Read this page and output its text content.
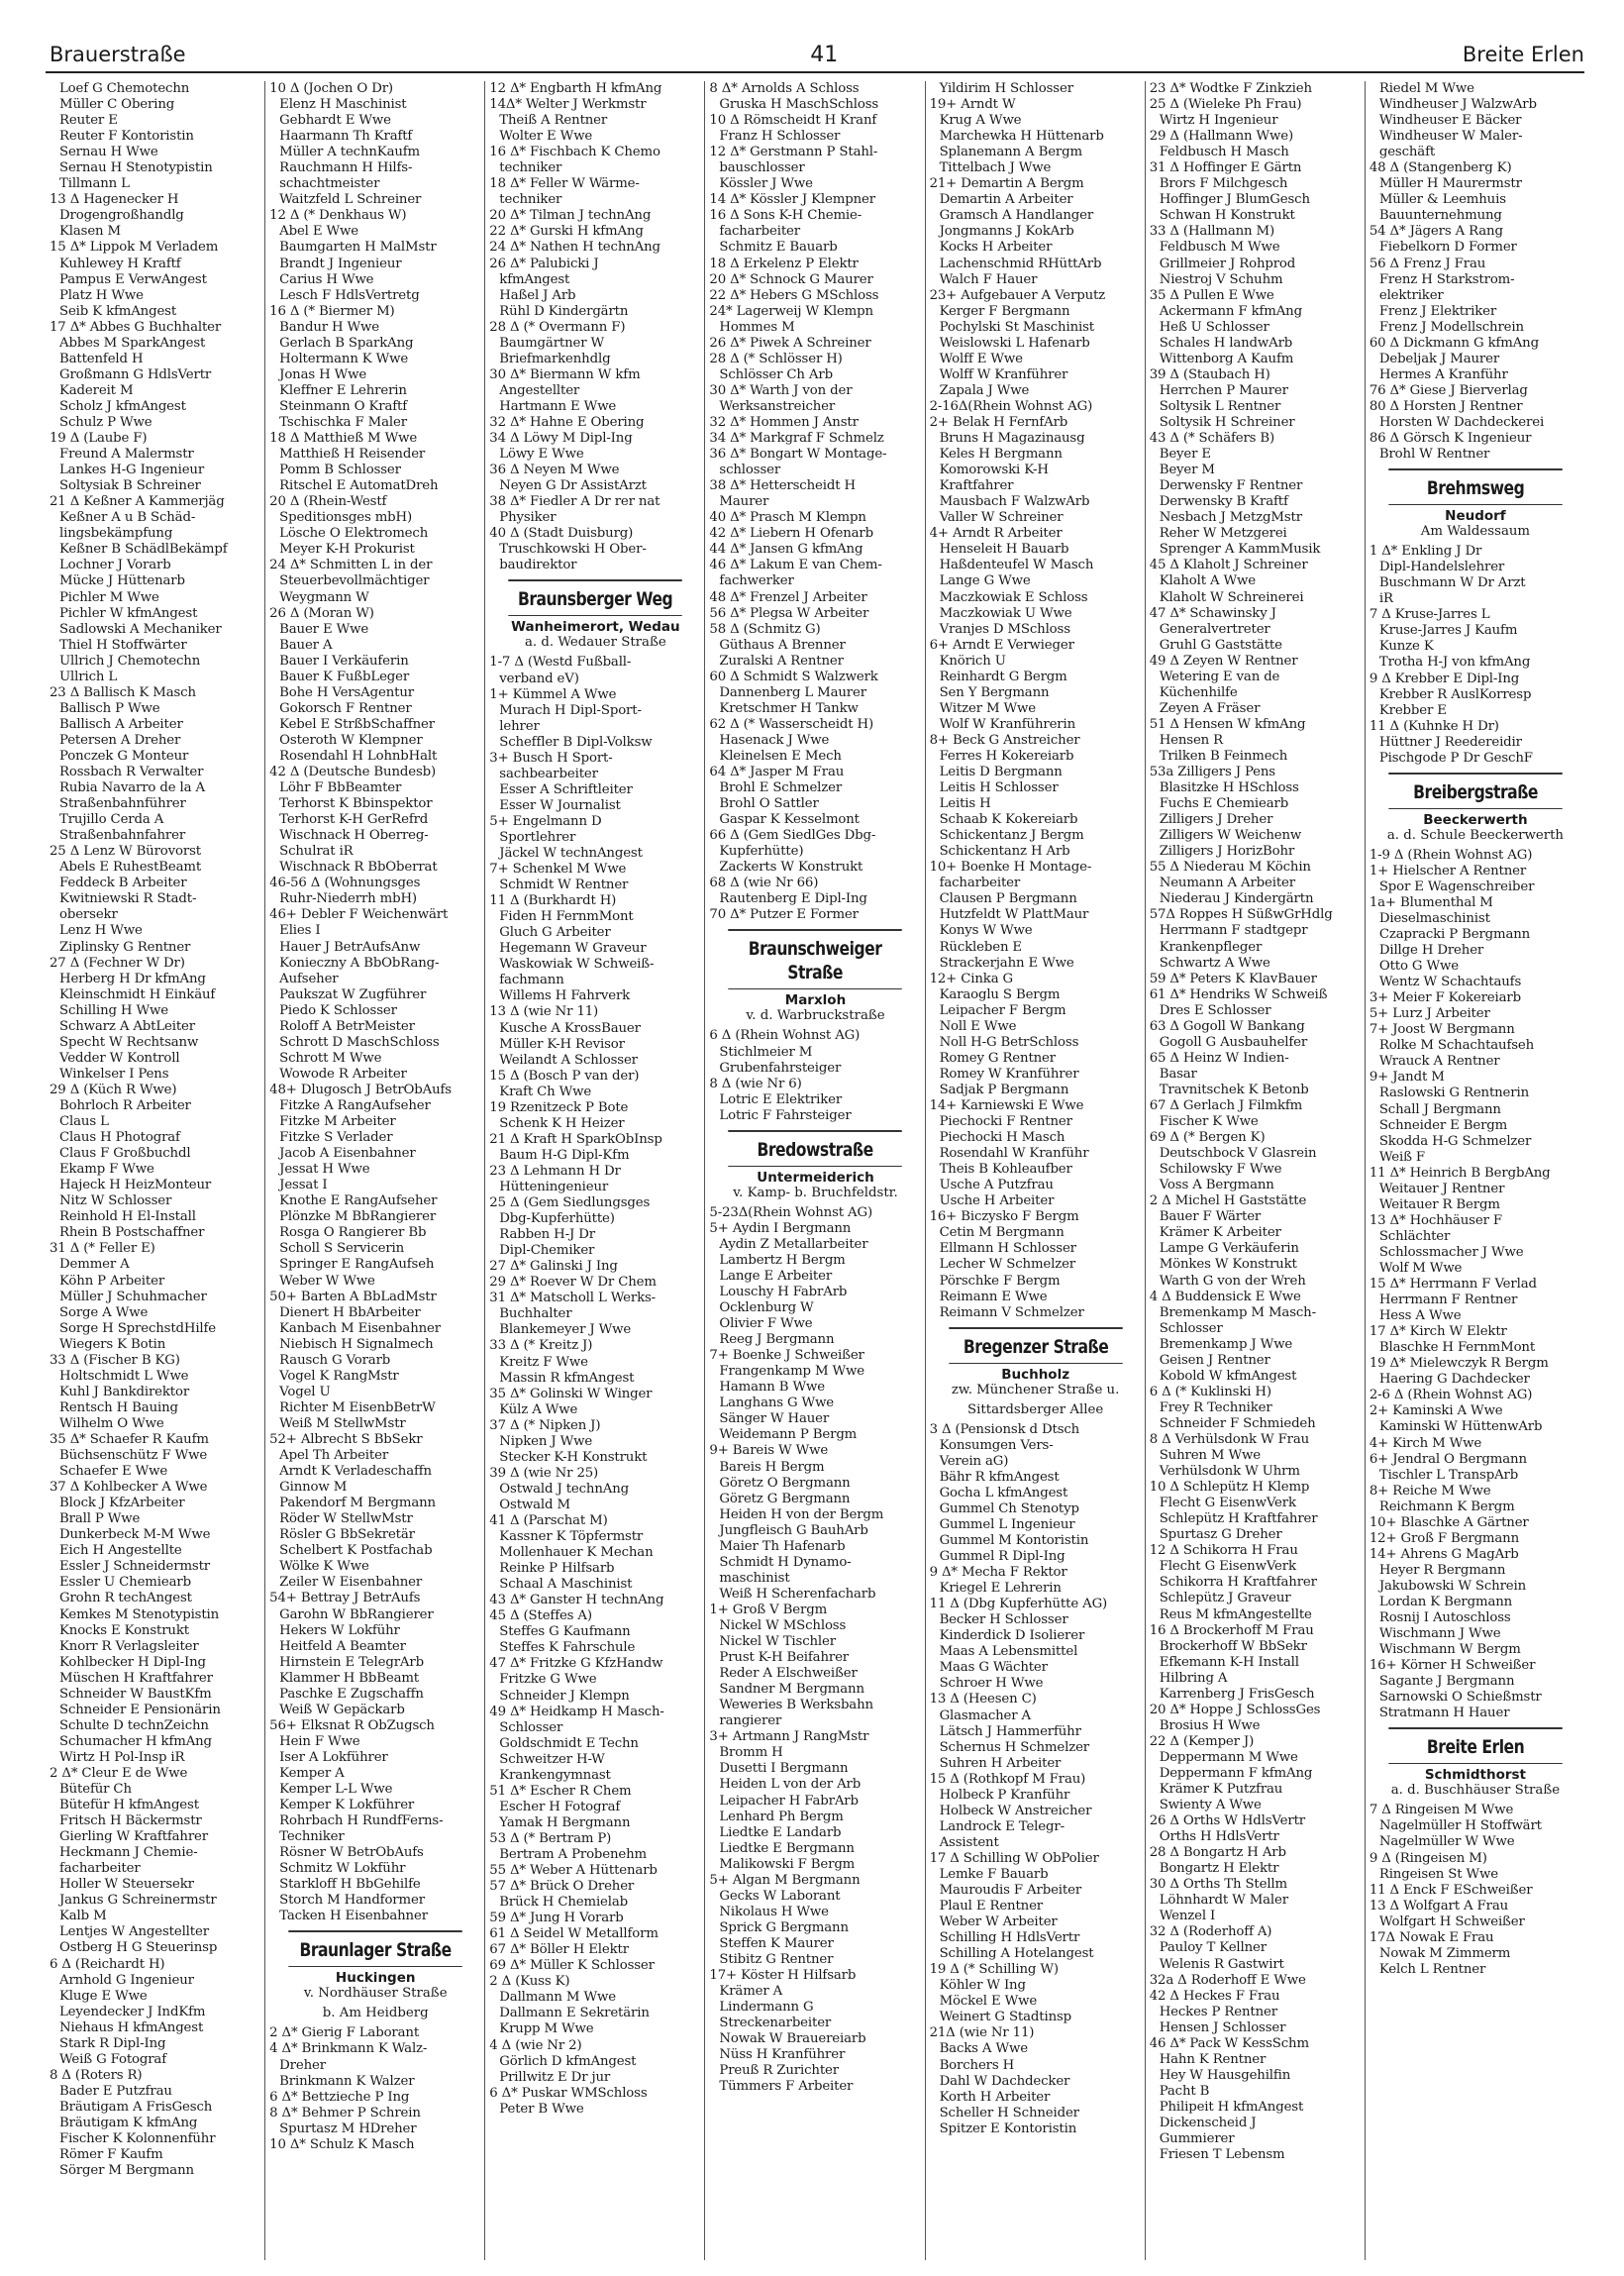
Brauerstraße	41	Breite Erlen
Loef G Chemotechn
Müller C Obering
Reuter E
Reuter F Kontoristin
Sernau H Wwe
Sernau H Stenotypistin
Tillmann L
13 Δ Hagenecker H
Drogengroßhandlg
Klasen M
15 Δ* Lippok M Verladem
Kuhlewey H Kraftf
Pampus E VerwAngest
Platz H Wwe
Seib K kfmAngest
17 Δ* Abbes G Buchhalter
Abbes M SparkAngest
Battenfeld H
Großmann G HdlsVertr
Kadereit M
Scholz J kfmAngest
Schulz P Wwe
19 Δ (Laube F)
Freund A Malermstr
Lankes H-G Ingenieur
Soltysiak B Schreiner
21 Δ Keßner A Kammerjäg
Keßner A u B Schäd-
lingsbekämpfung
Keßner B SchädlBekämpf
Lochner J Vorarb
Mücke J Hüttenarb
Pichler M Wwe
Pichler W kfmAngest
Sadlowski A Mechaniker
Thiel H Stoffwärter
Ullrich J Chemotechn
Ullrich L
23 Δ Ballisch K Masch
Ballisch P Wwe
Ballisch A Arbeiter
Petersen A Dreher
Ponczek G Monteur
Rossbach R Verwalter
Rubia Navarro de la A
Straßenbahnführer
Trujillo Cerda A
Straßenbahnfahrer
25 Δ Lenz W Bürovorst
Abels E RuhestBeamt
Feddeck B Arbeiter
Kwitniewski R Stadt-
obersekr
Lenz H Wwe
Ziplinsky G Rentner
27 Δ (Fechner W Dr)
Herberg H Dr kfmAng
Kleinschmidt H Einkäuf
Schilling H Wwe
Schwarz A AbtLeiter
Specht W Rechtsanw
Vedder W Kontroll
Winkelser I Pens
29 Δ (Küch R Wwe)
Bohrloch R Arbeiter
Claus L
Claus H Photograf
Claus F Großbuchdl
Ekamp F Wwe
Hajeck H HeizMonteur
Nitz W Schlosser
Reinhold H El-Install
Rhein B Postschaffner
31 Δ (* Feller E)
Demmer A
Köhn P Arbeiter
Müller J Schuhmacher
Sorge A Wwe
Sorge H SprechstdHilfe
Wiegers K Botin
33 Δ (Fischer B KG)
Holtschmidt L Wwe
Kuhl J Bankdirektor
Rentsch H Bauing
Wilhelm O Wwe
35 Δ* Schaefer R Kaufm
Büchsenschütz F Wwe
Schaefer E Wwe
37 Δ Kohlbecker A Wwe
Block J KfzArbeiter
Brall P Wwe
Dunkerbeck M-M Wwe
Eich H Angestellte
Essler J Schneidermstr
Essler U Chemiearb
Grohn R techAngest
Kemkes M Stenotypistin
Knocks E Konstrukt
Knorr R Verlagsleiter
Kohlbecker H Dipl-Ing
Müschen H Kraftfahrer
Schneider W BaustKfm
Schneider E Pensionärin
Schulte D technZeichn
Schumacher H kfmAng
Wirtz H Pol-Insp iR
2 Δ* Cleur E de Wwe
Bütefür Ch
Bütefür H kfmAngest
Fritsch H Bäckermstr
Gierling W Kraftfahrer
Heckmann J Chemie-
facharbeiter
Holler W Steuersekr
Jankus G Schreinermstr
Kalb M
Lentjes W Angestellter
Ostberg H G Steuerinsp
6 Δ (Reichardt H)
Arnhold G Ingenieur
Kluge E Wwe
Leyendecker J IndKfm
Niehaus H kfmAngest
Stark R Dipl-Ing
Weiß G Fotograf
8 Δ (Roters R)
Bader E Putzfrau
Bräutigam A FrisGesch
Bräutigam K kfmAng
Fischer K Kolonnenführ
Römer F Kaufm
Sörger M Bergmann
10 Δ (Jochen O Dr)
Elenz H Maschinist
Gebhardt E Wwe
Haarmann Th Kraftf
Müller A technKaufm
Rauchmann H Hilfs-
schachtmeister
Waitzfeld L Schreiner
12 Δ (* Denkhaus W)
Abel E Wwe
Baumgarten H MalMstr
Brandt J Ingenieur
Carius H Wwe
Lesch F HdlsVertretg
16 Δ (* Biermer M)
Bandur H Wwe
Gerlach B SparkAng
Holtermann K Wwe
Jonas H Wwe
Kleffner E Lehrerin
Steinmann O Kraftf
Tschischka F Maler
18 Δ Matthieß M Wwe
Matthieß H Reisender
Pomm B Schlosser
Ritschel E AutomatDreh
20 Δ (Rhein-Westf
Speditionsges mbH)
Lösche O Elektromech
Meyer K-H Prokurist
24 Δ* Schmitten L in der
Steuerbevollmächtiger
Weygmann W
26 Δ (Moran W)
Bauer E Wwe
Bauer A
Bauer I Verkäuferin
Bauer K FußbLeger
Bohe H VersAgentur
Gokorsch F Rentner
Kebel E StrßbSchaffner
Osteroth W Klempner
Rosendahl H LohnbHalt
42 Δ (Deutsche Bundesb)
Löhr F BbBeamter
Terhorst K Bbinspektor
Terhorst K-H GerRefrd
Wischnack H Oberreg-
Schulrat iR
Wischnack R BbOberrat
46-56 Δ (Wohnungsges
Ruhr-Niederrh mbH)
46+ Debler F Weichenwärt
Elies I
Hauer J BetrAufsAnw
Konieczny A BbObRang-
Aufseher
Paukszat W Zugführer
Piedo K Schlosser
Roloff A BetrMeister
Schrott D MaschSchloss
Schrott M Wwe
Wowode R Arbeiter
48+ Dlugosch J BetrObAufs
Fitzke A RangAufseher
Fitzke M Arbeiter
Fitzke S Verlader
Jacob A Eisenbahner
Jessat H Wwe
Jessat I
Knothe E RangAufseher
Plönzke M BbRangierer
Rosga O Rangierer Bb
Scholl S Servicerin
Springer E RangAufseh
Weber W Wwe
50+ Barten A BbLadMstr
Dienert H BbArbeiter
Kanbach M Eisenbahner
Niebisch H Signalmech
Rausch G Vorarb
Vogel K RangMstr
Vogel U
Richter M EisenbBetrW
Weiß M StellwMstr
52+ Albrecht S BbSekr
Apel Th Arbeiter
Arndt K Verladeschaffn
Ginnow M
Pakendorf M Bergmann
Röder W StellwMstr
Rösler G BbSekretär
Schelbert K Postfachab
Wölke K Wwe
Zeiler W Eisenbahner
54+ Bettray J BetrAufs
Garohn W BbRangierer
Hekers W Lokführ
Heitfeld A Beamter
Hirnstein E TelegrArb
Klammer H BbBeamt
Paschke E Zugschaffn
Weiß W Gepäckarb
56+ Elksnat R ObZugsch
Hein F Wwe
Iser A Lokführer
Kemper A
Kemper L-L Wwe
Kemper K Lokführer
Rohrbach H RundfFerns-
Techniker
Rösner W BetrObAufs
Schmitz W Lokführ
Starkloff H BbGehilfe
Storch M Handformer
Tacken H Eisenbahner
Braunlager Straße
Huckingen
v. Nordhäuser Straße
b. Am Heidberg
2 Δ* Gierig F Laborant
4 Δ* Brinkmann K Walz-
Dreher
Brinkmann K Walzer
6 Δ* Bettzieche P Ing
8 Δ* Behmer P Schrein
Spurtasz M HDreher
10 Δ* Schulz K Masch
12 Δ* Engbarth H kfmAng
14Δ* Welter J Werkmstr
Theiß A Rentner
Wolter E Wwe
16 Δ* Fischbach K Chemo
techniker
18 Δ* Feller W Wärme-
techniker
20 Δ* Tilman J technAng
22 Δ* Gurski H kfmAng
24 Δ* Nathen H technAng
26 Δ* Palubicki J
kfmAngest
Haßel J Arb
Rühl D Kindergärtn
28 Δ (* Overmann F)
Baumgärtner W
Briefmarkenhdlg
30 Δ* Biermann W kfm
Angestellter
Hartmann E Wwe
32 Δ* Hahne E Obering
34 Δ Löwy M Dipl-Ing
Löwy E Wwe
36 Δ Neyen M Wwe
Neyen G Dr AssistArzt
38 Δ* Fiedler A Dr rer nat
Physiker
40 Δ (Stadt Duisburg)
Truschkowski H Ober-
baudirektor
Braunsberger Weg
Wanheimerort, Wedau
a. d. Wedauer Straße
1-7 Δ (Westd Fußball-
verband eV)
1+ Kümmel A Wwe
Murach H Dipl-Sport-
lehrer
Scheffler B Dipl-Volksw
3+ Busch H Sport-
sachbearbeiter
Esser A Schriftleiter
Esser W Journalist
5+ Engelmann D
Sportlehrer
Jäckel W technAngest
7+ Schenkel M Wwe
Schmidt W Rentner
11 Δ (Burkhardt H)
Fiden H FernmMont
Gluch G Arbeiter
Hegemann W Graveur
Waskowiak W Schweiß-
fachmann
Willems H Fahrverk
13 Δ (wie Nr 11)
Kusche A KrossBauer
Müller K-H Revisor
Weilandt A Schlosser
15 Δ (Bosch P van der)
Kraft Ch Wwe
19 Rzenitzeck P Bote
Schenk K H Heizer
21 Δ Kraft H SparkObInsp
Baum H-G Dipl-Kfm
23 Δ Lehmann H Dr
Hütteningenieur
25 Δ (Gem Siedlungsges
Dbg-Kupferhütte)
Rabben H-J Dr
Dipl-Chemiker
27 Δ* Galinski J Ing
29 Δ* Roever W Dr Chem
31 Δ* Matscholl L Werks-
Buchhalter
Blankemeyer J Wwe
33 Δ (* Kreitz J)
Kreitz F Wwe
Massin R kfmAngest
35 Δ* Golinski W Winger
Külz A Wwe
37 Δ (* Nipken J)
Nipken J Wwe
Stecker K-H Konstrukt
39 Δ (wie Nr 25)
Ostwald J technAng
Ostwald M
41 Δ (Parschat M)
Kassner K Töpfermstr
Mollenhauer K Mechan
Reinke P Hilfsarb
Schaal A Maschinist
43 Δ* Ganster H technAng
45 Δ (Steffes A)
Steffes G Kaufmann
Steffes K Fahrschule
47 Δ* Fritzke G KfzHandw
Fritzke G Wwe
Schneider J Klempn
49 Δ* Heidkamp H Masch-
Schlosser
Goldschmidt E Techn
Schweitzer H-W
Krankengymnast
51 Δ* Escher R Chem
Escher H Fotograf
Yamak H Bergmann
53 Δ (* Bertram P)
Bertram A Probenehm
55 Δ* Weber A Hüttenarb
57 Δ* Brück O Dreher
Brück H Chemielab
59 Δ* Jung H Vorarb
61 Δ Seidel W Metallform
67 Δ* Böller H Elektr
69 Δ* Müller K Schlosser
2 Δ (Kuss K)
Dallmann M Wwe
Dallmann E Sekretärin
Krupp M Wwe
4 Δ (wie Nr 2)
Görlich D kfmAngest
Prillwitz E Dr jur
6 Δ* Puskar WMSchloss
Peter B Wwe
8 Δ* Arnolds A Schloss
Gruska H MaschSchloss
10 Δ Römscheidt H Kranf
Franz H Schlosser
12 Δ* Gerstmann P Stahl-
bauschlosser
Kössler J Wwe
14 Δ* Kössler J Klempner
16 Δ Sons K-H Chemie-
facharbeiter
Schmitz E Bauarb
18 Δ Erkelenz P Elektr
20 Δ* Schnock G Maurer
22 Δ* Hebers G MSchloss
24* Lagerweij W Klempn
Hommes M
26 Δ* Piwek A Schreiner
28 Δ (* Schlösser H)
Schlösser Ch Arb
30 Δ* Warth J von der
Werksanstreicher
32 Δ* Hommen J Anstr
34 Δ* Markgraf F Schmelz
36 Δ* Bongart W Montage-
schlosser
38 Δ* Hetterscheidt H
Maurer
40 Δ* Prasch M Klempn
42 Δ* Liebern H Ofenarb
44 Δ* Jansen G kfmAng
46 Δ* Lakum E van Chem-
fachwerker
48 Δ* Frenzel J Arbeiter
56 Δ* Plegsa W Arbeiter
58 Δ (Schmitz G)
Güthaus A Brenner
Zuralski A Rentner
60 Δ Schmidt S Walzwerk
Dannenberg L Maurer
Kretschmer H Tankw
62 Δ (* Wasserscheidt H)
Hasenack J Wwe
Kleinelsen E Mech
64 Δ* Jasper M Frau
Brohl E Schmelzer
Brohl O Sattler
Gaspar K Kesselmont
66 Δ (Gem SiedlGes Dbg-
Kupferhütte)
Zackerts W Konstrukt
68 Δ (wie Nr 66)
Rautenberg E Dipl-Ing
70 Δ* Putzer E Former
Braunschweiger Straße
Marxloh
v. d. Warbruckstraße
6 Δ (Rhein Wohnst AG)
Stichlmeier M
Grubenfahrsteiger
8 Δ (wie Nr 6)
Lotric E Elektriker
Lotric F Fahrsteiger
Bredowstraße
Untermeiderich
v. Kamp- b. Bruchfeldstr.
5-23Δ(Rhein Wohnst AG)
5+ Aydin I Bergmann
Aydin Z Metallarbeiter
Lambertz H Bergm
Lange E Arbeiter
Louschy H FabrArb
Ocklenburg W
Olivier F Wwe
Reeg J Bergmann
7+ Boenke J Schweißer
Frangenkamp M Wwe
Hamann B Wwe
Langhans G Wwe
Sänger W Hauer
Weidemann P Bergm
9+ Bareis W Wwe
Bareis H Bergm
Göretz O Bergmann
Göretz G Bergmann
Heiden H von der Bergm
Jungfleisch G BauhArb
Maier Th Hafenarb
Schmidt H Dynamo-
maschinist
Weiß H Scherenfacharb
1+ Groß V Bergm
Nickel W MSchloss
Nickel W Tischler
Prust K-H Beifahrer
Reder A Elschweißer
Sandner M Bergmann
Weweries B Werksbahn
rangierer
3+ Artmann J RangMstr
Bromm H
Dusetti I Bergmann
Heiden L von der Arb
Leipacher H FabrArb
Lenhard Ph Bergm
Liedtke E Landarb
Liedtke E Bergmann
Malikowski F Bergm
5+ Algan M Bergmann
Gecks W Laborant
Nikolaus H Wwe
Sprick G Bergmann
Steffen K Maurer
Stibitz G Rentner
17+ Köster H Hilfsarb
Krämer A
Lindermann G
Streckenarbeiter
Nowak W Brauereiarb
Nüss H Kranführer
Preuß R Zurichter
Tümmers F Arbeiter
Yildirim H Schlosser
19+ Arndt W
Krug A Wwe
Marchewka H Hüttenarb
Splanemann A Bergm
Tittelbach J Wwe
21+ Demartin A Bergm
Demartin A Arbeiter
Gramsch A Handlanger
Jongmanns J KokArb
Kocks H Arbeiter
Lachenschmid RHüttArb
Walch F Hauer
23+ Aufgebauer A Verputz
Kerger F Bergmann
Pochylski St Maschinist
Weislowski L Hafenarb
Wolff E Wwe
Wolff W Kranführer
Zapala J Wwe
2-16Δ(Rhein Wohnst AG)
2+ Belak H FernfArb
Bruns H Magazinausg
Keles H Bergmann
Komorowski K-H
Kraftfahrer
Mausbach F WalzwArb
Valler W Schreiner
4+ Arndt R Arbeiter
Henseleit H Bauarb
Haßdenteufel W Masch
Lange G Wwe
Maczkowiak E Schloss
Maczkowiak U Wwe
Vranjes D MSchloss
6+ Arndt E Verwieger
Knörich U
Reinhardt G Bergm
Sen Y Bergmann
Witzer M Wwe
Wolf W Kranführerin
8+ Beck G Anstreicher
Ferres H Kokereiarb
Leitis D Bergmann
Leitis H Schlosser
Leitis H
Schaab K Kokereiarb
Schickentanz J Bergm
Schickentanz H Arb
10+ Boenke H Montage-
facharbeiter
Clausen P Bergmann
Hutzfeldt W PlattMaur
Konys W Wwe
Rückleben E
Strackerjahn E Wwe
12+ Cinka G
Karaoglu S Bergm
Leipacher F Bergm
Noll E Wwe
Noll H-G BetrSchloss
Romey G Rentner
Romey W Kranführer
Sadjak P Bergmann
14+ Karniewski E Wwe
Piechocki F Rentner
Piechocki H Masch
Rosendahl W Kranführ
Theis B Kohleaufber
Usche A Putzfrau
Usche H Arbeiter
16+ Biczysko F Bergm
Cetin M Bergmann
Ellmann H Schlosser
Lecher W Schmelzer
Pörschke F Bergm
Reimann E Wwe
Reimann V Schmelzer
Bregenzer Straße
Buchholz
zw. Münchener Straße u.
Sittardsberger Allee
3 Δ (Pensionsk d Dtsch
Konsumgen Vers-
Verein aG)
Bähr R kfmAngest
Gocha L kfmAngest
Gummel Ch Stenotyp
Gummel L Ingenieur
Gummel M Kontoristin
Gummel R Dipl-Ing
9 Δ* Mecha F Rektor
Kriegel E Lehrerin
11 Δ (Dbg Kupferhütte AG)
Becker H Schlosser
Kinderdick D Isolierer
Maas A Lebensmittel
Maas G Wächter
Schroer H Wwe
13 Δ (Heesen C)
Glasmacher A
Lätsch J Hammerführ
Schernus H Schmelzer
Suhren H Arbeiter
15 Δ (Rothkopf M Frau)
Holbeck P Kranführ
Holbeck W Anstreicher
Landrock E Telegr-
Assistent
17 Δ Schilling W ObPolier
Lemke F Bauarb
Mauroudis F Arbeiter
Plaul E Rentner
Weber W Arbeiter
Schilling H HdlsVertr
Schilling A Hotelangest
19 Δ (* Schilling W)
Köhler W Ing
Möckel E Wwe
Weinert G Stadtinsp
21Δ (wie Nr 11)
Backs A Wwe
Borchers H
Dahl W Dachdecker
Korth H Arbeiter
Scheller H Schneider
Spitzer E Kontoristin
23 Δ* Wodtke F Zinkzieh
25 Δ (Wieleke Ph Frau)
Wirtz H Ingenieur
29 Δ (Hallmann Wwe)
Feldbusch H Masch
31 Δ Hoffinger E Gärtn
Brors F Milchgesch
Hoffinger J BlumGesch
Schwan H Konstrukt
33 Δ (Hallmann M)
Feldbusch M Wwe
Grillmeier J Rohprod
Niestroj V Schuhm
35 Δ Pullen E Wwe
Ackermann F kfmAng
Heß U Schlosser
Schales H landwArb
Wittenborg A Kaufm
39 Δ (Staubach H)
Herrchen P Maurer
Soltysik L Rentner
Soltysik H Schreiner
43 Δ (* Schäfers B)
Beyer E
Beyer M
Derwensky F Rentner
Derwensky B Kraftf
Nesbach J MetzgMstr
Reher W Metzgerei
Sprenger A KammMusik
45 Δ Klaholt J Schreiner
Klaholt A Wwe
Klaholt W Schreinerei
47 Δ* Schawinsky J
Generalvertreter
Gruhl G Gaststätte
49 Δ Zeyen W Rentner
Wetering E van de
Küchenhilfe
Zeyen A Fräser
51 Δ Hensen W kfmAng
Hensen R
Trilken B Feinmech
53a Zilligers J Pens
Blasitzke H HSchloss
Fuchs E Chemiearb
Zilligers J Dreher
Zilligers W Weichenw
Zilligers J HorizBohr
55 Δ Niederau M Köchin
Neumann A Arbeiter
Niederau J Kindergärtn
57Δ Roppes H SüßwGrHdlg
Herrmann F stadtgepr
Krankenpfleger
Schwartz A Wwe
59 Δ* Peters K KlavBauer
61 Δ* Hendriks W Schweiß
Dres E Schlosser
63 Δ Gogoll W Bankang
Gogoll G Ausbauhelfer
65 Δ Heinz W Indien-
Basar
Travnitschek K Betonb
67 Δ Gerlach J Filmkfm
Fischer K Wwe
69 Δ (* Bergen K)
Deutschbock V Glasrein
Schilowsky F Wwe
Voss A Bergmann
2 Δ Michel H Gaststätte
Bauer F Wärter
Krämer K Arbeiter
Lampe G Verkäuferin
Mönkes W Konstrukt
Warth G von der Wreh
4 Δ Buddensick E Wwe
Bremenkamp M Masch-
Schlosser
Bremenkamp J Wwe
Geisen J Rentner
Kobold W kfmAngest
6 Δ (* Kuklinski H)
Frey R Techniker
Schneider F Schmiedeh
8 Δ Verhülsdonk W Frau
Suhren M Wwe
Verhülsdonk W Uhrm
10 Δ Schlepütz H Klemp
Flecht G EisenwVerk
Schlepütz H Kraftfahrer
Spurtasz G Dreher
12 Δ Schikorra H Frau
Flecht G EisenwVerk
Schikorra H Kraftfahrer
Schlepütz J Graveur
Reus M kfmAngestellte
16 Δ Brockerhoff M Frau
Brockerhoff W BbSekr
Efkemann K-H Install
Hilbring A
Karrenberg J FrisGesch
20 Δ* Hoppe J SchlossGes
Brosius H Wwe
22 Δ (Kemper J)
Deppermann M Wwe
Deppermann F kfmAng
Krämer K Putzfrau
Swienty A Wwe
26 Δ Orths W HdlsVertr
Orths H HdlsVertr
28 Δ Bongartz H Arb
Bongartz H Elektr
30 Δ Orths Th Stellm
Löhnhardt W Maler
Wenzel I
32 Δ (Roderhoff A)
Pauloy T Kellner
Welenis R Gastwirt
32a Δ Roderhoff E Wwe
42 Δ Heckes F Frau
Heckes P Rentner
Hensen J Schlosser
46 Δ* Pack W KessSchm
Hahn K Rentner
Hey W Hausgehilfin
Pacht B
Philipeit H kfmAngest
Dickenscheid J
Gummierer
Friesen T Lebensm
Riedel M Wwe
Windheuser J WalzwArb
Windheuser E Bäcker
Windheuser W Maler-
geschäft
48 Δ (Stangenberg K)
Müller H Maurermstr
Müller & Leemhuis
Bauunternehmung
54 Δ* Jägers A Rang
Fiebelkorn D Former
56 Δ Frenz J Frau
Frenz H Starkstrom-
elektriker
Frenz J Elektriker
Frenz J Modellschrein
60 Δ Dickmann G kfmAng
Debeljak J Maurer
Hermes A Kranführ
76 Δ* Giese J Bierverlag
80 Δ Horsten J Rentner
Horsten W Dachdeckerei
86 Δ Görsch K Ingenieur
Brohl W Rentner
Brehmsweg
Neudorf
Am Waldessaum
1 Δ* Enkling J Dr
Dipl-Handelslehrer
Buschmann W Dr Arzt
iR
7 Δ Kruse-Jarres L
Kruse-Jarres J Kaufm
Kunze K
Trotha H-J von kfmAng
9 Δ Krebber E Dipl-Ing
Krebber R AuslKorresp
Krebber E
11 Δ (Kuhnke H Dr)
Hüttner J Reedereidir
Pischgode P Dr GeschF
Breibergstraße
Beeckerwerth
a. d. Schule Beeckerwerth
1-9 Δ (Rhein Wohnst AG)
1+ Hielscher A Rentner
Spor E Wagenschreiber
1a+ Blumenthal M
Dieselmaschinist
Czapracki P Bergmann
Dillge H Dreher
Otto G Wwe
Wentz W Schachtaufs
3+ Meier F Kokereiarb
5+ Lurz J Arbeiter
7+ Joost W Bergmann
Rolke M Schachtaufseh
Wrauck A Rentner
9+ Jandt M
Raslowski G Rentnerin
Schall J Bergmann
Schneider E Bergm
Skodda H-G Schmelzer
Weiß F
11 Δ* Heinrich B BergbAng
Weitauer J Rentner
Weitauer R Bergm
13 Δ* Hochhäuser F
Schlächter
Schlossmacher J Wwe
Wolf M Wwe
15 Δ* Herrmann F Verlad
Herrmann F Rentner
Hess A Wwe
17 Δ* Kirch W Elektr
Blaschke H FernmMont
19 Δ* Mielewczyk R Bergm
Haering G Dachdecker
2-6 Δ (Rhein Wohnst AG)
2+ Kaminski A Wwe
Kaminski W HüttenwArb
4+ Kirch M Wwe
6+ Jendral O Bergmann
Tischler L TranspArb
8+ Reiche M Wwe
Reichmann K Bergm
10+ Blaschke A Gärtner
12+ Groß F Bergmann
14+ Ahrens G MagArb
Heyer R Bergmann
Jakubowski W Schrein
Lordan K Bergmann
Rosnij I Autoschloss
Wischmann J Wwe
Wischmann W Bergm
16+ Körner H Schweißer
Sagante J Bergmann
Sarnowski O Schießmstr
Stratmann H Hauer
Breite Erlen
Schmidthorst
a. d. Buschhäuser Straße
7 Δ Ringeisen M Wwe
Nagelmüller H Stoffwärt
Nagelmüller W Wwe
9 Δ (Ringeisen M)
Ringeisen St Wwe
11 Δ Enck F ESchweißer
13 Δ Wolfgart A Frau
Wolfgart H Schweißer
17Δ Nowak E Frau
Nowak M Zimmerm
Kelch L Rentner
